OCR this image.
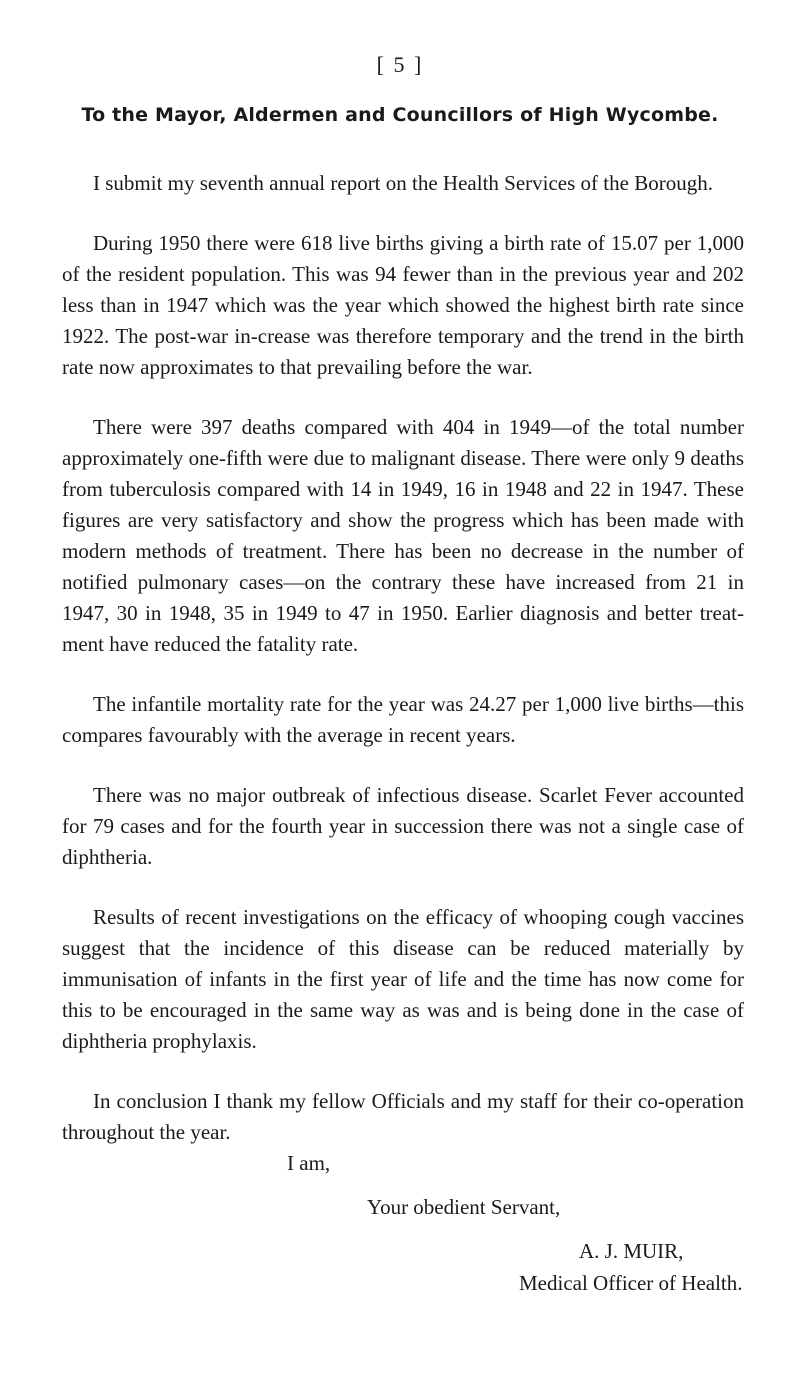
[ 5 ]
To the Mayor, Aldermen and Councillors of High Wycombe.

I submit my seventh annual report on the Health Services of the Borough.

During 1950 there were 618 live births giving a birth rate of 15.07 per 1,000 of the resident population. This was 94 fewer than in the previous year and 202 less than in 1947 which was the year which showed the highest birth rate since 1922. The post-war in-crease was therefore temporary and the trend in the birth rate now approximates to that prevailing before the war.

There were 397 deaths compared with 404 in 1949—of the total number approximately one-fifth were due to malignant disease. There were only 9 deaths from tuberculosis compared with 14 in 1949, 16 in 1948 and 22 in 1947. These figures are very satisfactory and show the progress which has been made with modern methods of treatment. There has been no decrease in the number of notified pulmonary cases—on the contrary these have increased from 21 in 1947, 30 in 1948, 35 in 1949 to 47 in 1950. Earlier diagnosis and better treat-ment have reduced the fatality rate.

The infantile mortality rate for the year was 24.27 per 1,000 live births—this compares favourably with the average in recent years.

There was no major outbreak of infectious disease. Scarlet Fever accounted for 79 cases and for the fourth year in succession there was not a single case of diphtheria.

Results of recent investigations on the efficacy of whooping cough vaccines suggest that the incidence of this disease can be reduced materially by immunisation of infants in the first year of life and the time has now come for this to be encouraged in the same way as was and is being done in the case of diphtheria prophylaxis.

In conclusion I thank my fellow Officials and my staff for their co-operation throughout the year.

I am,
Your obedient Servant,
A. J. MUIR,
Medical Officer of Health.
